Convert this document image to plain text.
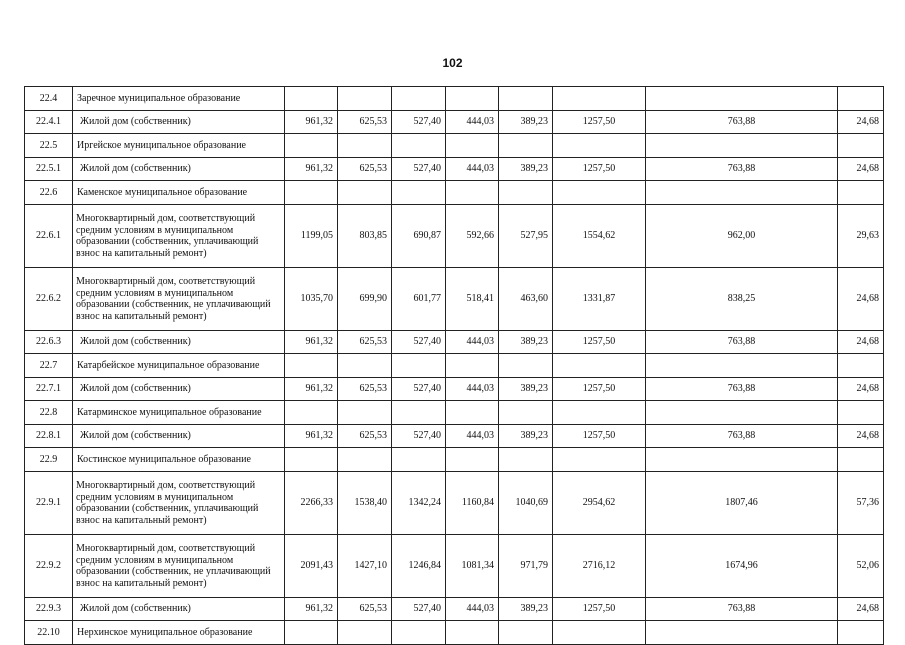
102
22.4	Заречное муниципальное образование								
22.4.1	Жилой дом (собственник)	961,32	625,53	527,40	444,03	389,23	1257,50	763,88	24,68
22.5	Иргейское муниципальное образование								
22.5.1	Жилой дом (собственник)	961,32	625,53	527,40	444,03	389,23	1257,50	763,88	24,68
22.6	Каменское муниципальное образование								
22.6.1	Многоквартирный дом, соответствующий средним условиям в муниципальном образовании (собственник, уплачивающий взнос на капитальный ремонт)	1199,05	803,85	690,87	592,66	527,95	1554,62	962,00	29,63
22.6.2	Многоквартирный дом, соответствующий средним условиям в муниципальном образовании (собственник, не уплачивающий взнос на капитальный ремонт)	1035,70	699,90	601,77	518,41	463,60	1331,87	838,25	24,68
22.6.3	Жилой дом (собственник)	961,32	625,53	527,40	444,03	389,23	1257,50	763,88	24,68
22.7	Катарбейское муниципальное образование								
22.7.1	Жилой дом (собственник)	961,32	625,53	527,40	444,03	389,23	1257,50	763,88	24,68
22.8	Катарминское муниципальное образование								
22.8.1	Жилой дом (собственник)	961,32	625,53	527,40	444,03	389,23	1257,50	763,88	24,68
22.9	Костинское муниципальное образование								
22.9.1	Многоквартирный дом, соответствующий средним условиям в муниципальном образовании (собственник, уплачивающий взнос на капитальный ремонт)	2266,33	1538,40	1342,24	1160,84	1040,69	2954,62	1807,46	57,36
22.9.2	Многоквартирный дом, соответствующий средним условиям в муниципальном образовании (собственник, не уплачивающий взнос на капитальный ремонт)	2091,43	1427,10	1246,84	1081,34	971,79	2716,12	1674,96	52,06
22.9.3	Жилой дом (собственник)	961,32	625,53	527,40	444,03	389,23	1257,50	763,88	24,68
22.10	Нерхинское муниципальное образование								
